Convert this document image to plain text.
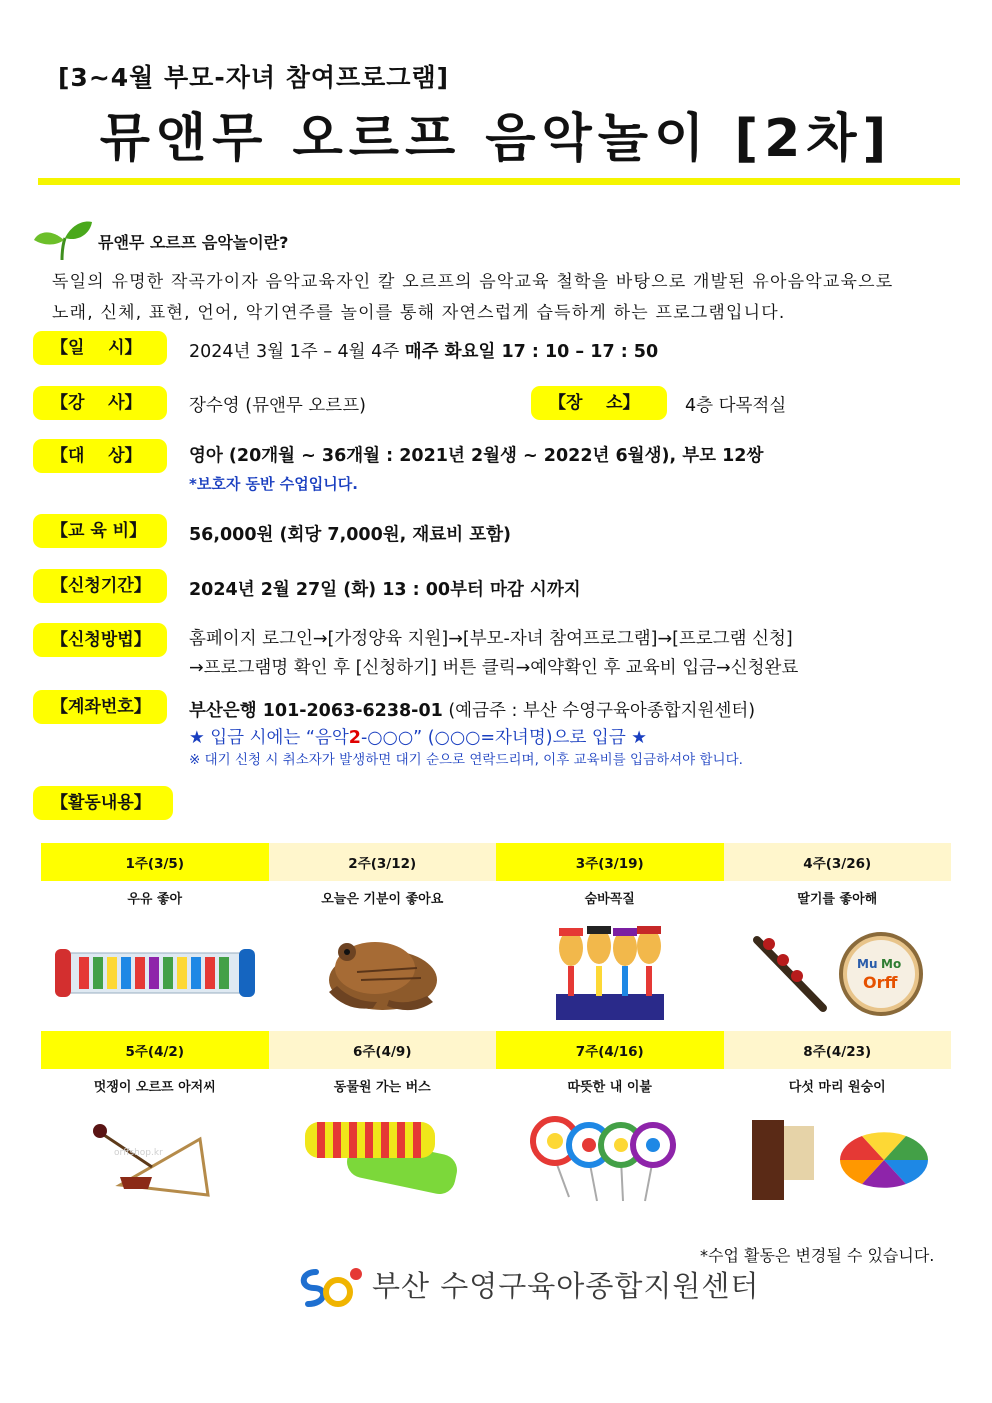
[3~4월 부모-자녀 참여프로그램]
뮤앤무 오르프 음악놀이 [2차]
뮤앤무 오르프 음악놀이란?
독일의 유명한 작곡가이자 음악교육자인 칼 오르프의 음악교육 철학을 바탕으로 개발된 유아음악교육으로
노래, 신체, 표현, 언어, 악기연주를 놀이를 통해 자연스럽게 습득하게 하는 프로그램입니다.
【일    시】	2024년 3월 1주 – 4월 4주 매주 화요일 17 : 10 – 17 : 50
【강    사】	장수영 (뮤앤무 오르프)	【장    소】	4층 다목적실
【대    상】	영아 (20개월 ~ 36개월 : 2021년 2월생 ~ 2022년 6월생), 부모 12쌍
*보호자 동반 수업입니다.
【교 육 비】	56,000원 (회당 7,000원, 재료비 포함)
【신청기간】	2024년 2월 27일 (화) 13 : 00부터 마감 시까지
【신청방법】	홈페이지 로그인→[가정양육 지원]→[부모-자녀 참여프로그램]→[프로그램 신청]
→프로그램명 확인 후 [신청하기] 버튼 클릭→예약확인 후 교육비 입금→신청완료
【계좌번호】	부산은행 101-2063-6238-01 (예금주 : 부산 수영구육아종합지원센터)
★ 입금 시에는 “음악2-○○○” (○○○=자녀명)으로 입금 ★
※ 대기 신청 시 취소자가 발생하면 대기 순으로 연락드리며, 이후 교육비를 입금하셔야 합니다.
【활동내용】
1주(3/5)	2주(3/12)	3주(3/19)	4주(3/26)
우유 좋아	오늘은 기분이 좋아요	숨바꼭질	딸기를 좋아해

Mu Mo
Orff

5주(4/2)	6주(4/9)	7주(4/16)	8주(4/23)
멋쟁이 오르프 아저씨	동물원 가는 버스	따뜻한 내 이불	다섯 마리 원숭이

orffshop.kr

*수업 활동은 변경될 수 있습니다.
부산 수영구육아종합지원센터
